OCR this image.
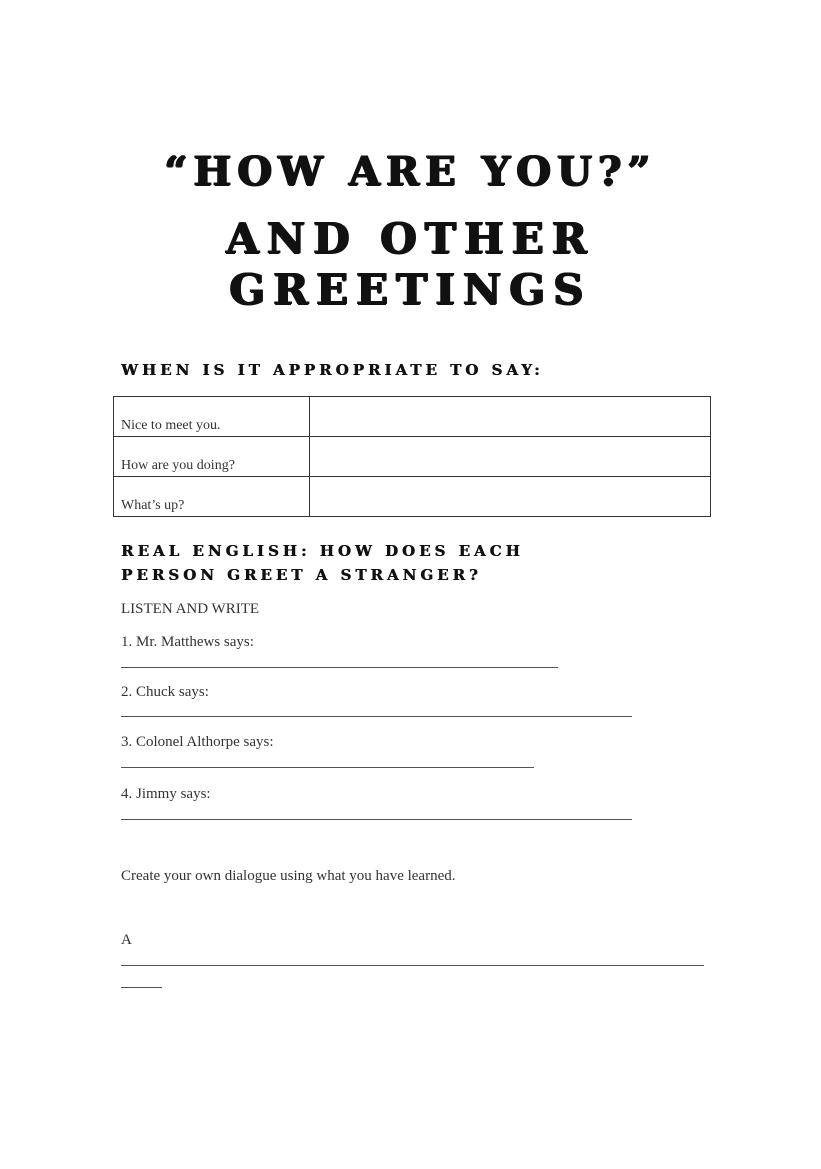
“HOW ARE YOU?”
AND OTHER
GREETINGS
WHEN IS IT APPROPRIATE TO SAY:
Nice to meet you.	
How are you doing?	
What’s up?	
REAL ENGLISH: HOW DOES EACH
PERSON GREET A STRANGER?
LISTEN AND WRITE
1. Mr. Matthews says:
2. Chuck says:
3. Colonel Althorpe says:
4. Jimmy says:
Create your own dialogue using what you have learned.
A
